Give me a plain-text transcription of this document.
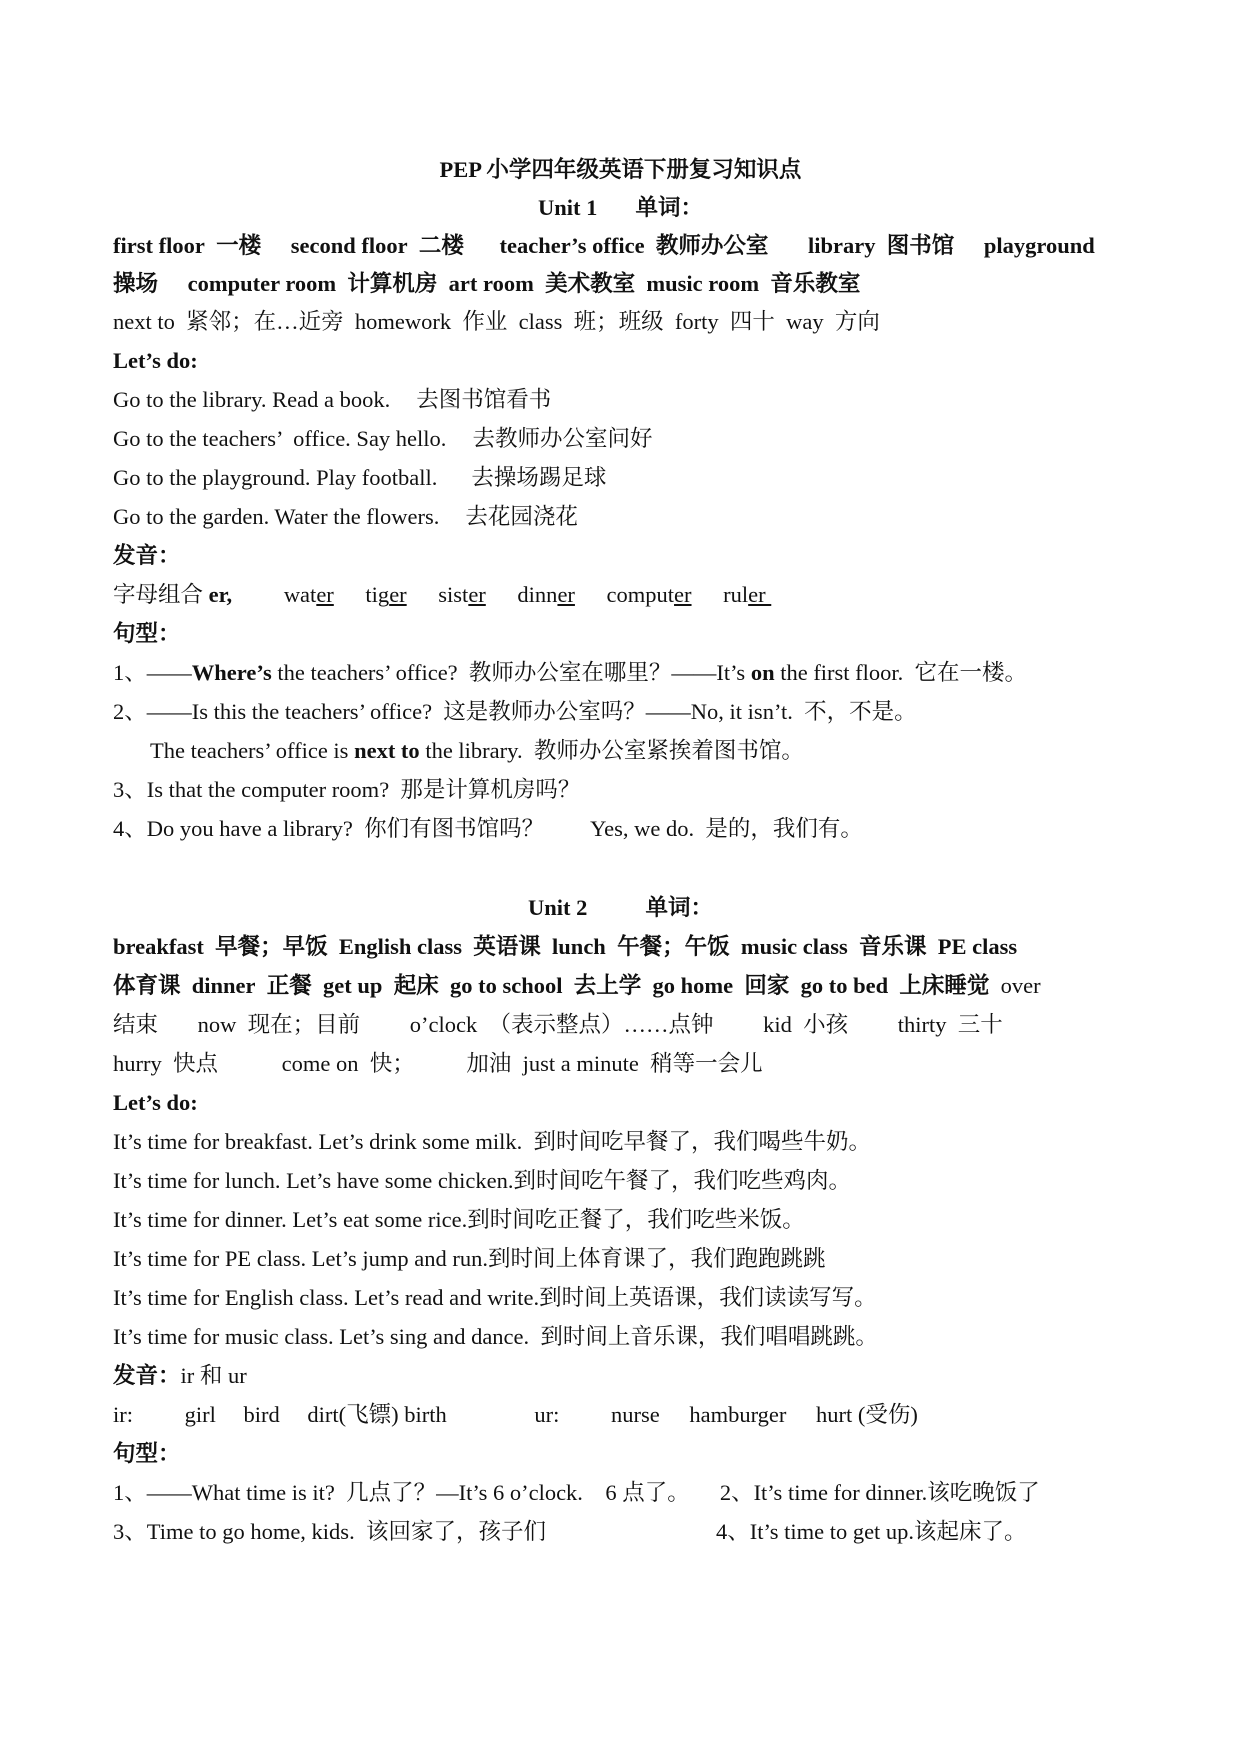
PEP 小学四年级英语下册复习知识点
Unit 1 单词：
first floor 一楼 second floor 二楼 teacher’s office 教师办公室 library 图书馆 playground
操场 computer room 计算机房 art room 美术教室 music room 音乐教室
next to 紧邻；在…近旁 homework 作业 class 班；班级 forty 四十 way 方向
Let’s do:
Go to the library. Read a book. 去图书馆看书
Go to the teachers’  office. Say hello. 去教师办公室问好
Go to the playground. Play football. 去操场踢足球
Go to the garden. Water the flowers. 去花园浇花
发音：
字母组合 er, water tiger sister dinner computer ruler
句型：
1、——Where’s the teachers’ office?  教师办公室在哪里？——It’s on the first floor.  它在一楼。
2、——Is this the teachers’ office?  这是教师办公室吗？——No, it isn’t.  不，不是。
The teachers’ office is next to the library.  教师办公室紧挨着图书馆。
3、Is that the computer room?  那是计算机房吗？
4、Do you have a library?  你们有图书馆吗？ Yes, we do.  是的，我们有。
Unit 2	单词：
breakfast 早餐；早饭 English class 英语课 lunch 午餐；午饭 music class 音乐课 PE class
体育课 dinner 正餐 get up 起床 go to school 去上学 go home 回家 go to bed 上床睡觉 over
结束 now  现在；目前 o’clock  （表示整点）……点钟 kid  小孩 thirty  三十
hurry  快点	come on  快； 加油  just a minute  稍等一会儿
Let’s do:
It’s time for breakfast. Let’s drink some milk.  到时间吃早餐了，我们喝些牛奶。
It’s time for lunch. Let’s have some chicken.到时间吃午餐了，我们吃些鸡肉。
It’s time for dinner. Let’s eat some rice.到时间吃正餐了，我们吃些米饭。
It’s time for PE class. Let’s jump and run.到时间上体育课了，我们跑跑跳跳
It’s time for English class. Let’s read and write.到时间上英语课，我们读读写写。
It’s time for music class. Let’s sing and dance.  到时间上音乐课，我们唱唱跳跳。
发音：ir 和 ur
ir: girl bird dirt(飞镖) birth	ur: nurse hamburger hurt (受伤)
句型：
1、——What time is it?  几点了？—It’s 6 o’clock.    6 点了。 2、It’s time for dinner.该吃晚饭了
3、Time to go home, kids.  该回家了，孩子们	4、It’s time to get up.该起床了。
